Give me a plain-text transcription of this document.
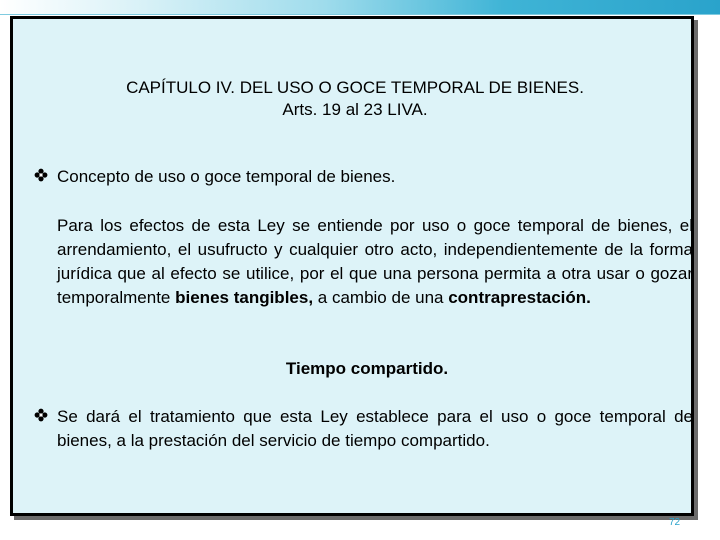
CAPÍTULO IV. DEL USO O GOCE TEMPORAL DE BIENES.
Arts. 19 al 23 LIVA.
Concepto de uso o goce temporal de bienes.
Para los efectos de esta Ley se entiende por uso o goce temporal de bienes, el arrendamiento, el usufructo y cualquier otro acto, independientemente de la forma jurídica que al efecto se utilice, por el que una persona permita a otra usar o gozar temporalmente bienes tangibles, a cambio de una contraprestación.
Tiempo compartido.
Se dará el tratamiento que esta Ley establece para el uso o goce temporal de bienes, a la prestación del servicio de tiempo compartido.
72
